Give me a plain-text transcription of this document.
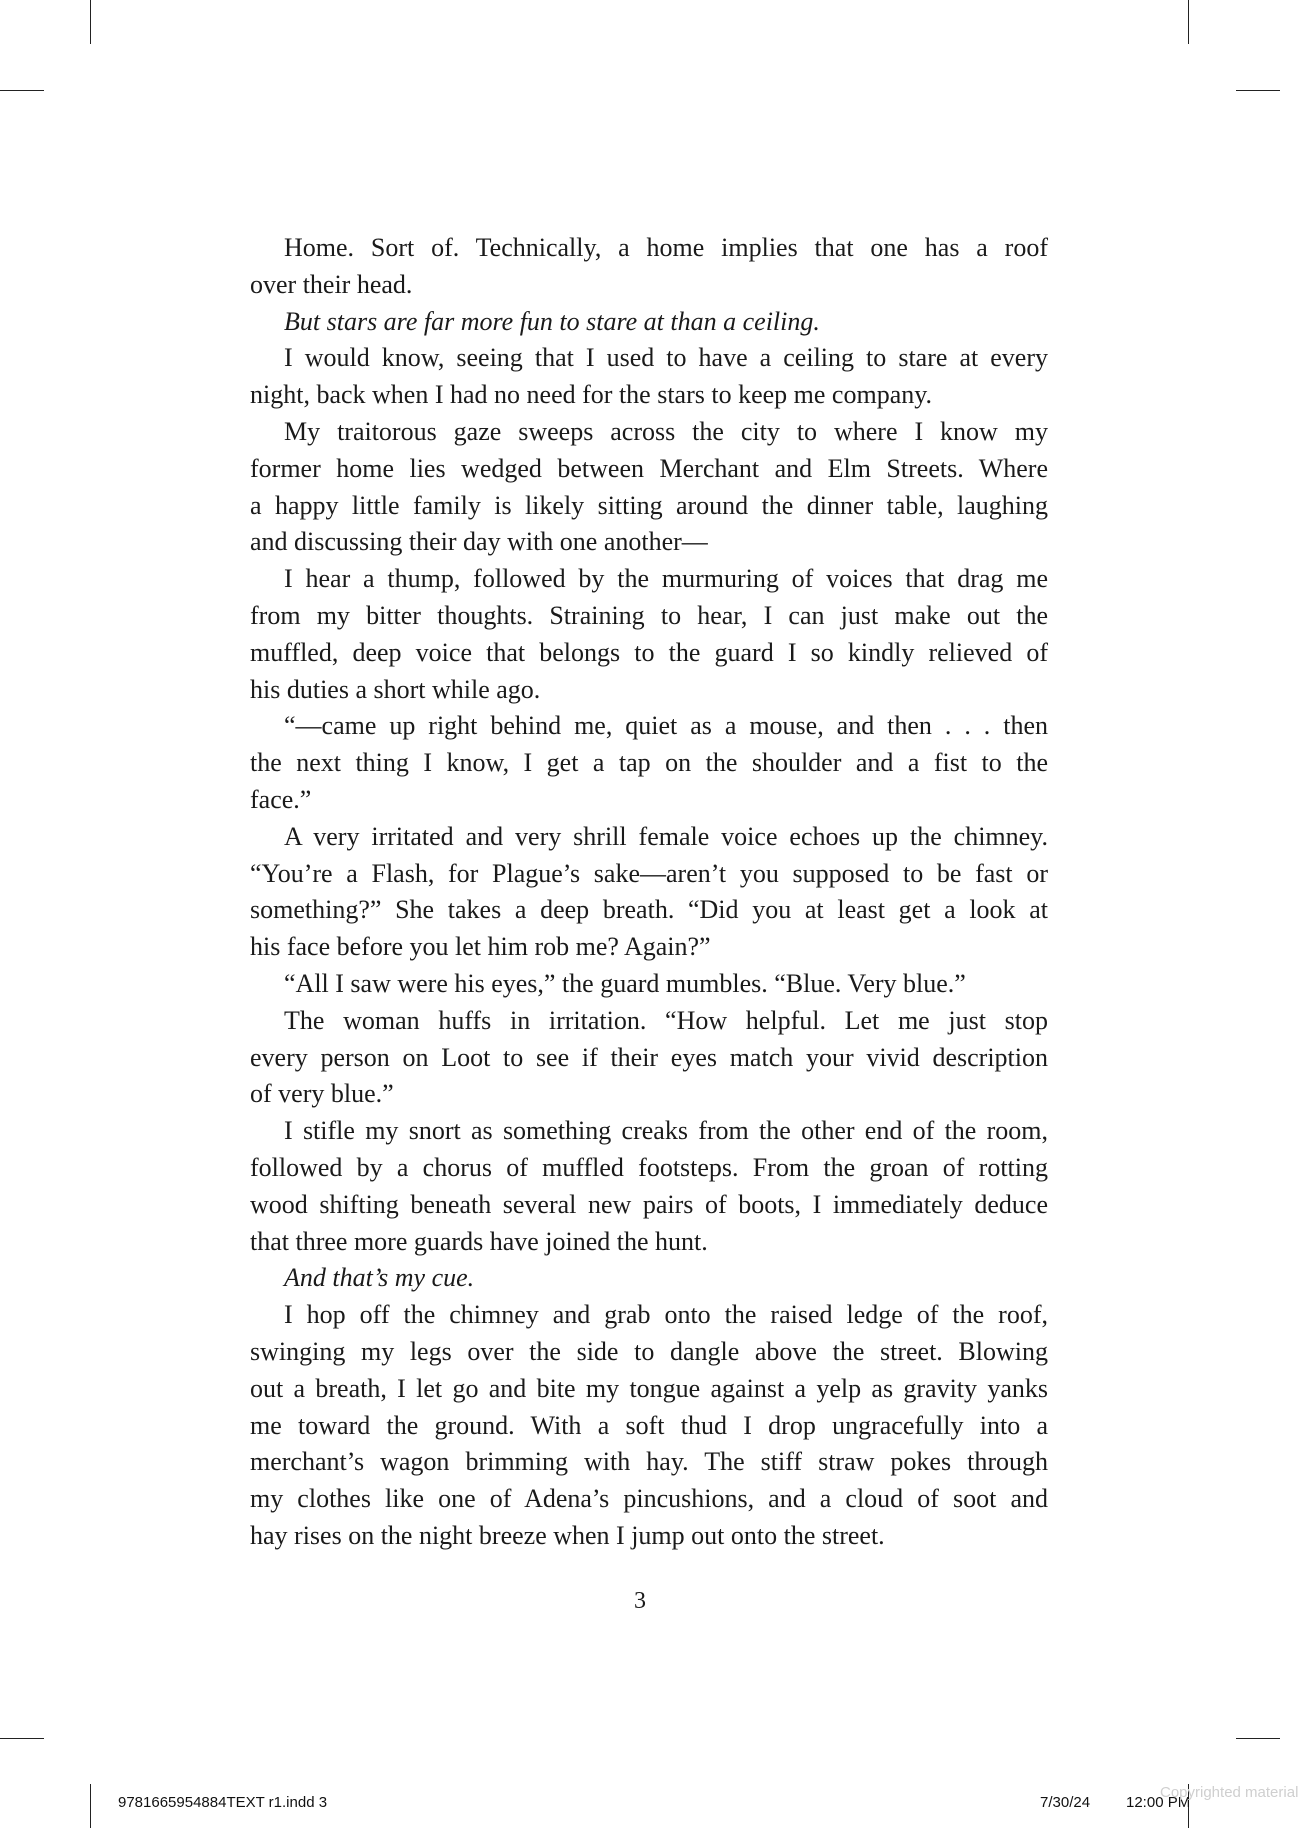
Home. Sort of. Technically, a home implies that one has a roof
over their head.
But stars are far more fun to stare at than a ceiling.
I would know, seeing that I used to have a ceiling to stare at every
night, back when I had no need for the stars to keep me company.
My traitorous gaze sweeps across the city to where I know my
former home lies wedged between Merchant and Elm Streets. Where
a happy little family is likely sitting around the dinner table, laughing
and discussing their day with one another—
I hear a thump, followed by the murmuring of voices that drag me
from my bitter thoughts. Straining to hear, I can just make out the
muffled, deep voice that belongs to the guard I so kindly relieved of
his duties a short while ago.
“—came up right behind me, quiet as a mouse, and then . . . then
the next thing I know, I get a tap on the shoulder and a fist to the
face.”
A very irritated and very shrill female voice echoes up the chimney.
“You’re a Flash, for Plague’s sake—aren’t you supposed to be fast or
something?” She takes a deep breath. “Did you at least get a look at
his face before you let him rob me? Again?”
“All I saw were his eyes,” the guard mumbles. “Blue. Very blue.”
The woman huffs in irritation. “How helpful. Let me just stop
every person on Loot to see if their eyes match your vivid description
of very blue.”
I stifle my snort as something creaks from the other end of the room,
followed by a chorus of muffled footsteps. From the groan of rotting
wood shifting beneath several new pairs of boots, I immediately deduce
that three more guards have joined the hunt.
And that’s my cue.
I hop off the chimney and grab onto the raised ledge of the roof,
swinging my legs over the side to dangle above the street. Blowing
out a breath, I let go and bite my tongue against a yelp as gravity yanks
me toward the ground. With a soft thud I drop ungracefully into a
merchant’s wagon brimming with hay. The stiff straw pokes through
my clothes like one of Adena’s pincushions, and a cloud of soot and
hay rises on the night breeze when I jump out onto the street.
3
9781665954884TEXT r1.indd 3	7/30/24 12:00 PM
Copyrighted material
